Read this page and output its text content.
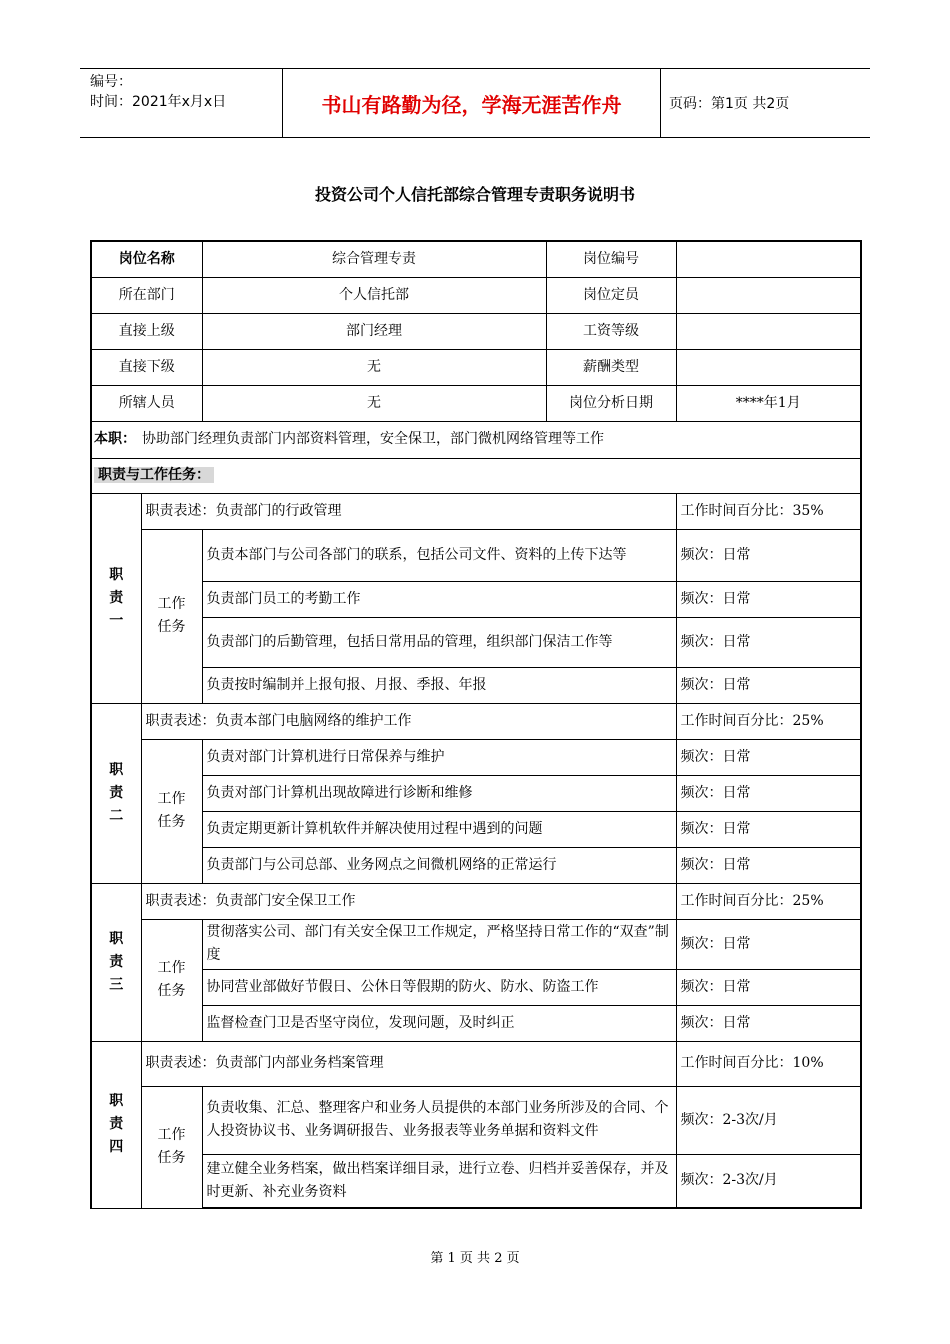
编号：
时间：2021年x月x日	书山有路勤为径，学海无涯苦作舟	页码：第1页 共2页
投资公司个人信托部综合管理专责职务说明书
岗位名称		综合管理专责	岗位编号	
所在部门		个人信托部	岗位定员	
直接上级		部门经理	工资等级	
直接下级		无	薪酬类型	
所辖人员		无	岗位分析日期	****年1月
本职： 协助部门经理负责部门内部资料管理，安全保卫，部门微机网络管理等工作				
职责与工作任务：				

职责一	职责表述：负责部门的行政管理			工作时间百分比：35%

	工作任务	负责本部门与公司各部门的联系，包括公司文件、资料的上传下达等		频次：日常
		负责部门员工的考勤工作		频次：日常
		负责部门的后勤管理，包括日常用品的管理，组织部门保洁工作等		频次：日常
		负责按时编制并上报旬报、月报、季报、年报		频次：日常

职责二	职责表述：负责本部门电脑网络的维护工作			工作时间百分比：25%

	工作任务	负责对部门计算机进行日常保养与维护		频次：日常
		负责对部门计算机出现故障进行诊断和维修		频次：日常
		负责定期更新计算机软件并解决使用过程中遇到的问题		频次：日常
		负责部门与公司总部、业务网点之间微机网络的正常运行		频次：日常

职责三	职责表述：负责部门安全保卫工作			工作时间百分比：25%

	工作任务	贯彻落实公司、部门有关安全保卫工作规定，严格坚持日常工作的“双查”制度		频次：日常
		协同营业部做好节假日、公休日等假期的防火、防水、防盗工作		频次：日常
		监督检查门卫是否坚守岗位，发现问题，及时纠正		频次：日常

职责四	职责表述：负责部门内部业务档案管理			工作时间百分比：10%

	工作任务	负责收集、汇总、整理客户和业务人员提供的本部门业务所涉及的合同、个人投资协议书、业务调研报告、业务报表等业务单据和资料文件		频次：2-3次/月
		建立健全业务档案，做出档案详细目录，进行立卷、归档并妥善保存，并及时更新、补充业务资料		频次：2-3次/月
第 1 页 共 2 页
